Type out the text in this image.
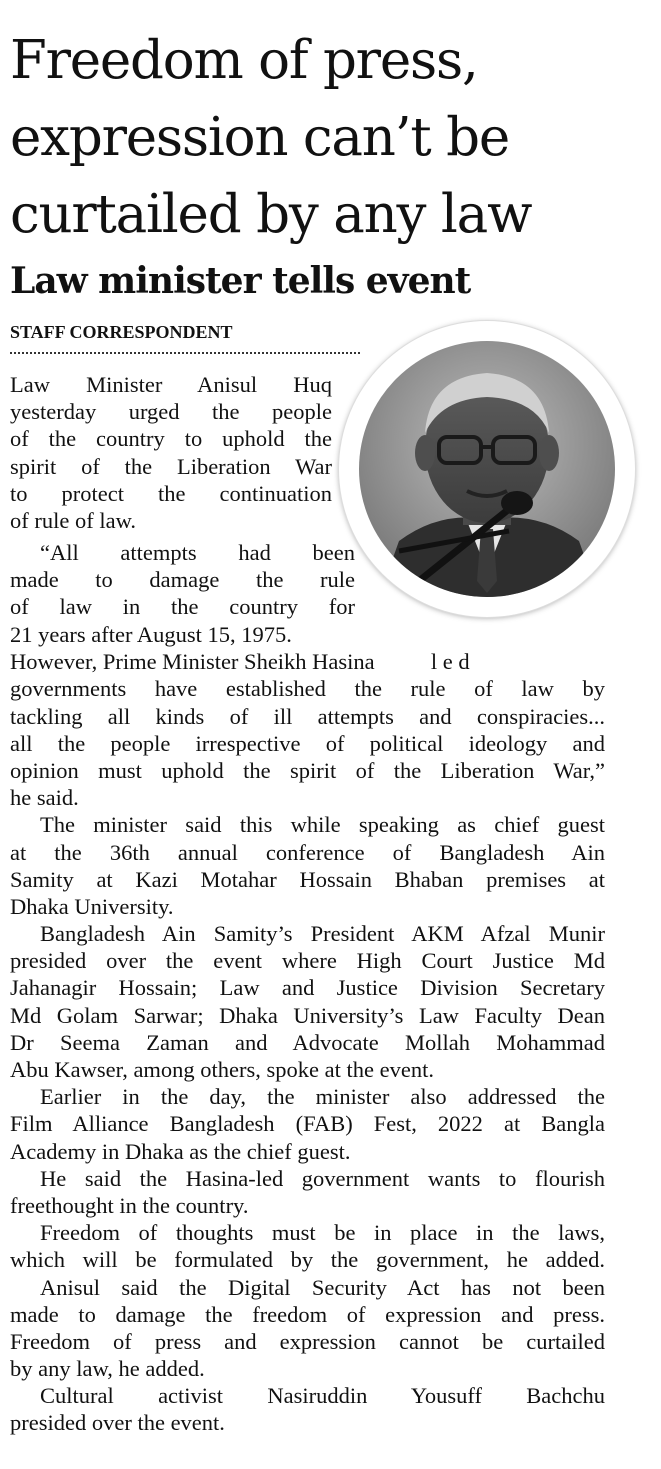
Freedom of press,
expression can’t be
curtailed by any law
Law minister tells event
STAFF CORRESPONDENT
Law Minister Anisul Huq
yesterday urged the people
of the country to uphold the
spirit of the Liberation War
to protect the continuation
of rule of law.
“All attempts had been
made to damage the rule
of law in the country for
21 years after August 15, 1975.
However, Prime Minister Sheikh Hasina          l e d
governments have established the rule of law by
tackling all kinds of ill attempts and conspiracies...
all the people irrespective of political ideology and
opinion must uphold the spirit of the Liberation War,”
he said.
The minister said this while speaking as chief guest
at the 36th annual conference of Bangladesh Ain
Samity at Kazi Motahar Hossain Bhaban premises at
Dhaka University.
Bangladesh Ain Samity’s President AKM Afzal Munir
presided over the event where High Court Justice Md
Jahanagir Hossain; Law and Justice Division Secretary
Md Golam Sarwar; Dhaka University’s Law Faculty Dean
Dr Seema Zaman and Advocate Mollah Mohammad
Abu Kawser, among others, spoke at the event.
Earlier in the day, the minister also addressed the
Film Alliance Bangladesh (FAB) Fest, 2022 at Bangla
Academy in Dhaka as the chief guest.
He said the Hasina-led government wants to flourish
freethought in the country.
Freedom of thoughts must be in place in the laws,
which will be formulated by the government, he added.
Anisul said the Digital Security Act has not been
made to damage the freedom of expression and press.
Freedom of press and expression cannot be curtailed
by any law, he added.
Cultural activist Nasiruddin Yousuff Bachchu
presided over the event.
